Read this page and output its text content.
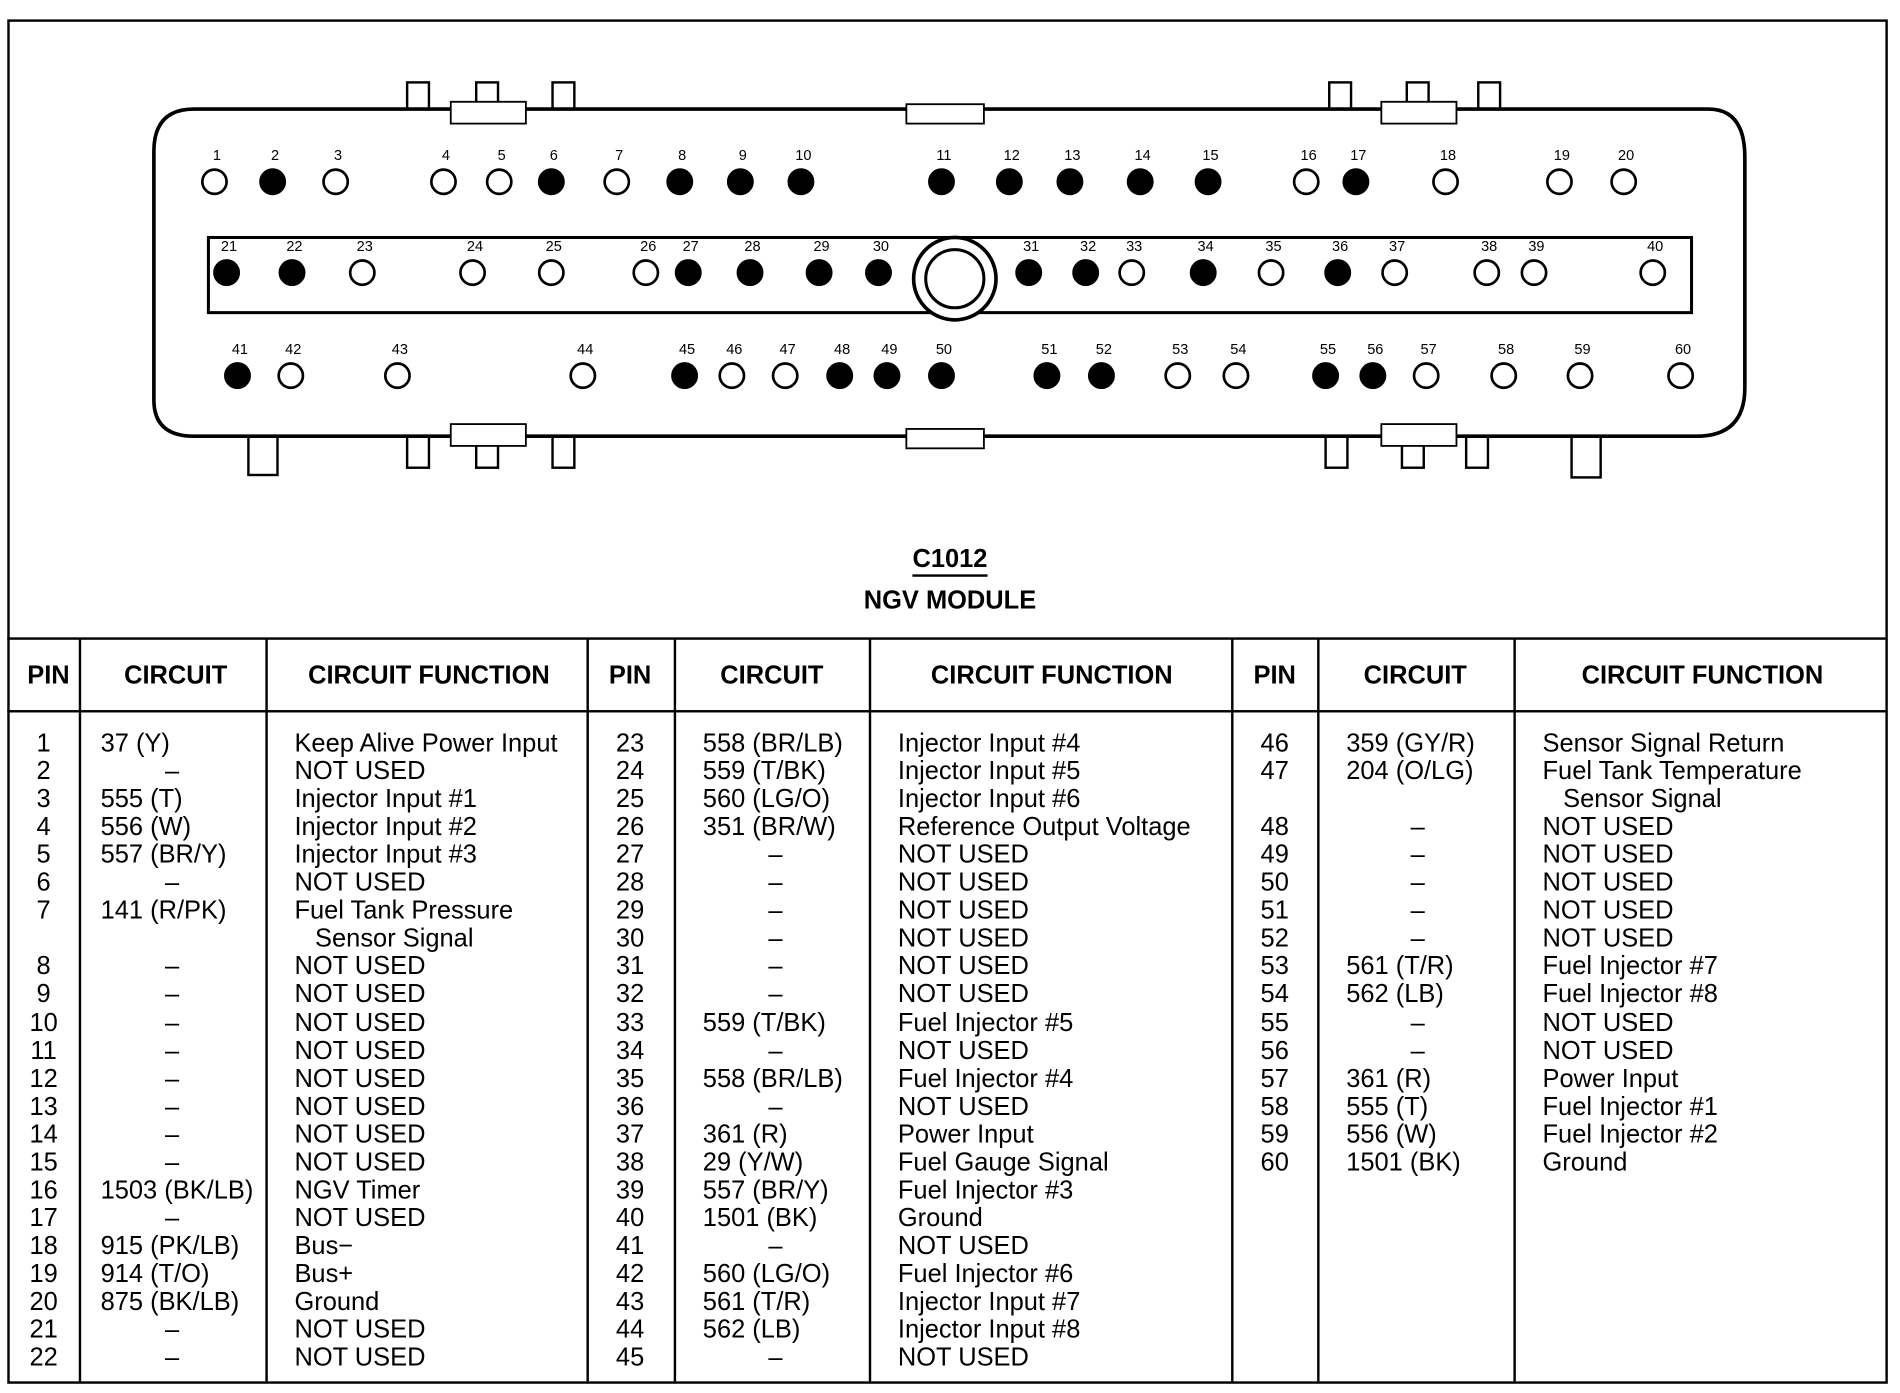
1	2	3	4	5	6	7	8	9	10	11	12	13	14	15	16	17	18	19	20
21	22	23	24	25	26 27	28	29	30	31	32 33	34	35	36	37	38	39	40
41	42	43	44	45	46	47	48	49	50	51	52	53	54	55	56	57	58	59	60
C1012
NGV MODULE
PIN	CIRCUIT	CIRCUIT FUNCTION	PIN	CIRCUIT	CIRCUIT FUNCTION	PIN	CIRCUIT	CIRCUIT FUNCTION
1 37 (Y)	Keep Alive Power Input
2	–	NOT USED
3 555 (T)	Injector Input #1
4 556 (W)	Injector Input #2
5 557 (BR/Y)	Injector Input #3
6	–	NOT USED
7 141 (R/PK)	Fuel Tank Pressure
Sensor Signal
8	–	NOT USED
9	–	NOT USED
10	–	NOT USED
11	–	NOT USED
12	–	NOT USED
13	–	NOT USED
14	–	NOT USED
15	–	NOT USED
16 1503 (BK/LB) NGV Timer
17	–	NOT USED
18 915 (PK/LB)	Bus−
19 914 (T/O)	Bus+
20 875 (BK/LB)	Ground
21	–	NOT USED
22	–	NOT USED
23	558 (BR/LB)	Injector Input #4
24	559 (T/BK)	Injector Input #5
25	560 (LG/O)	Injector Input #6
26	351 (BR/W)	Reference Output Voltage
27	–	NOT USED
28	–	NOT USED
29	–	NOT USED
30	–	NOT USED
31	–	NOT USED
32	–	NOT USED
33	559 (T/BK)	Fuel Injector #5
34	–	NOT USED
35	558 (BR/LB)	Fuel Injector #4
36	–	NOT USED
37	361 (R)	Power Input
38	29 (Y/W)	Fuel Gauge Signal
39	557 (BR/Y)	Fuel Injector #3
40	1501 (BK)	Ground
41	–	NOT USED
42	560 (LG/O)	Fuel Injector #6
43	561 (T/R)	Injector Input #7
44	562 (LB)	Injector Input #8
45	–	NOT USED
46	359 (GY/R)	Sensor Signal Return
47	204 (O/LG)	Fuel Tank Temperature
Sensor Signal
48	–	NOT USED
49	–	NOT USED
50	–	NOT USED
51	–	NOT USED
52	–	NOT USED
53	561 (T/R)	Fuel Injector #7
54	562 (LB)	Fuel Injector #8
55	–	NOT USED
56	–	NOT USED
57	361 (R)	Power Input
58	555 (T)	Fuel Injector #1
59	556 (W)	Fuel Injector #2
60	1501 (BK)	Ground
